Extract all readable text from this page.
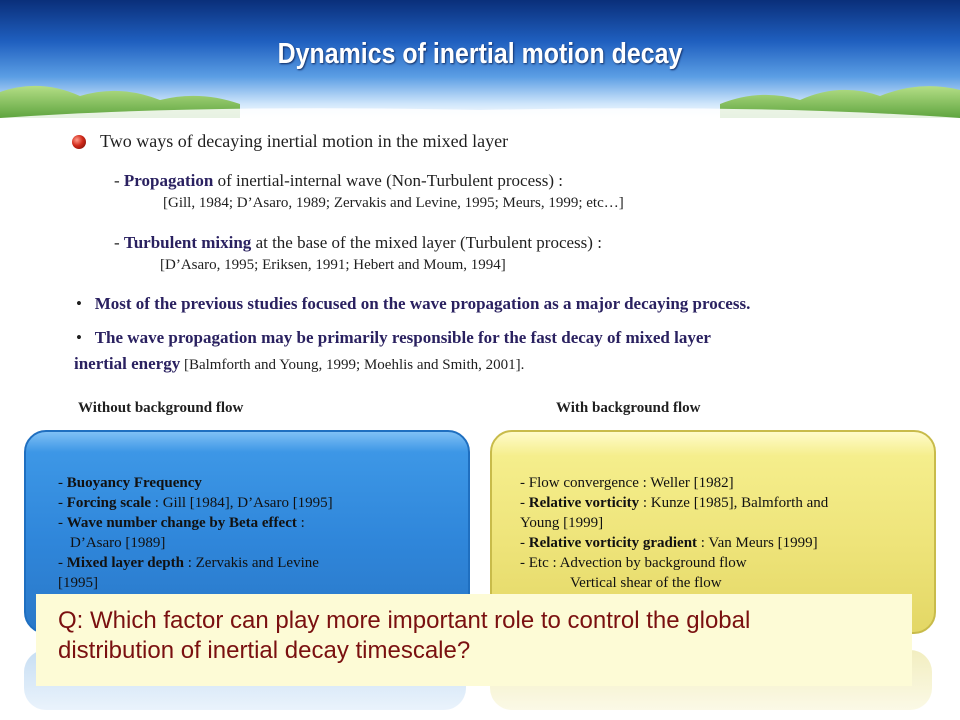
Dynamics of inertial motion decay
Two ways of decaying inertial motion in the mixed layer
- Propagation of inertial-internal wave (Non-Turbulent process) :
[Gill, 1984; D’Asaro, 1989; Zervakis and Levine, 1995; Meurs, 1999; etc…]
- Turbulent mixing at the base of the mixed layer (Turbulent process) :
[D’Asaro, 1995; Eriksen, 1991; Hebert and Moum, 1994]
•   Most of the previous studies focused on the wave propagation as a major decaying process.
•   The wave propagation may be primarily responsible for the fast decay of mixed layer
inertial energy [Balmforth and Young, 1999; Moehlis and Smith, 2001].
Without background flow	With background flow
- Buoyancy Frequency
- Forcing scale : Gill [1984], D’Asaro [1995]
- Wave number change by Beta effect :
D’Asaro [1989]
- Mixed layer depth : Zervakis and Levine
[1995]
- Flow convergence : Weller [1982]
- Relative vorticity : Kunze [1985], Balmforth and
Young [1999]
- Relative vorticity gradient : Van Meurs [1999]
- Etc : Advection by background flow
Vertical shear of the flow
Q: Which factor can play more important role to control the global
distribution of inertial decay timescale?
